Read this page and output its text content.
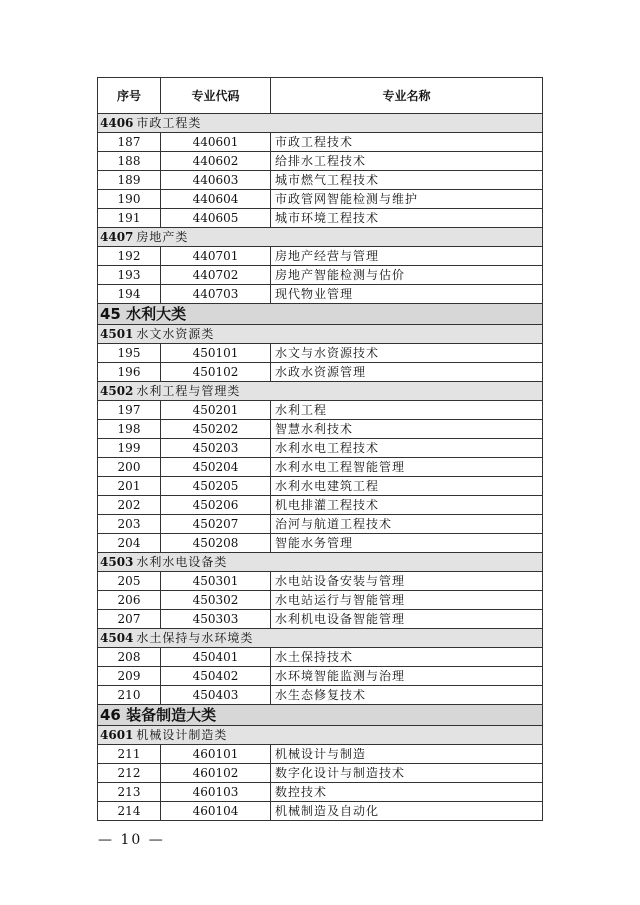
序号	专业代码	专业名称
4406 市政工程类		
187	440601	市政工程技术
188	440602	给排水工程技术
189	440603	城市燃气工程技术
190	440604	市政管网智能检测与维护
191	440605	城市环境工程技术
4407 房地产类		
192	440701	房地产经营与管理
193	440702	房地产智能检测与估价
194	440703	现代物业管理
45 水利大类		
4501 水文水资源类		
195	450101	水文与水资源技术
196	450102	水政水资源管理
4502 水利工程与管理类		
197	450201	水利工程
198	450202	智慧水利技术
199	450203	水利水电工程技术
200	450204	水利水电工程智能管理
201	450205	水利水电建筑工程
202	450206	机电排灌工程技术
203	450207	治河与航道工程技术
204	450208	智能水务管理
4503 水利水电设备类		
205	450301	水电站设备安装与管理
206	450302	水电站运行与智能管理
207	450303	水利机电设备智能管理
4504 水土保持与水环境类		
208	450401	水土保持技术
209	450402	水环境智能监测与治理
210	450403	水生态修复技术
46 装备制造大类		
4601 机械设计制造类		
211	460101	机械设计与制造
212	460102	数字化设计与制造技术
213	460103	数控技术
214	460104	机械制造及自动化
— 10 —
